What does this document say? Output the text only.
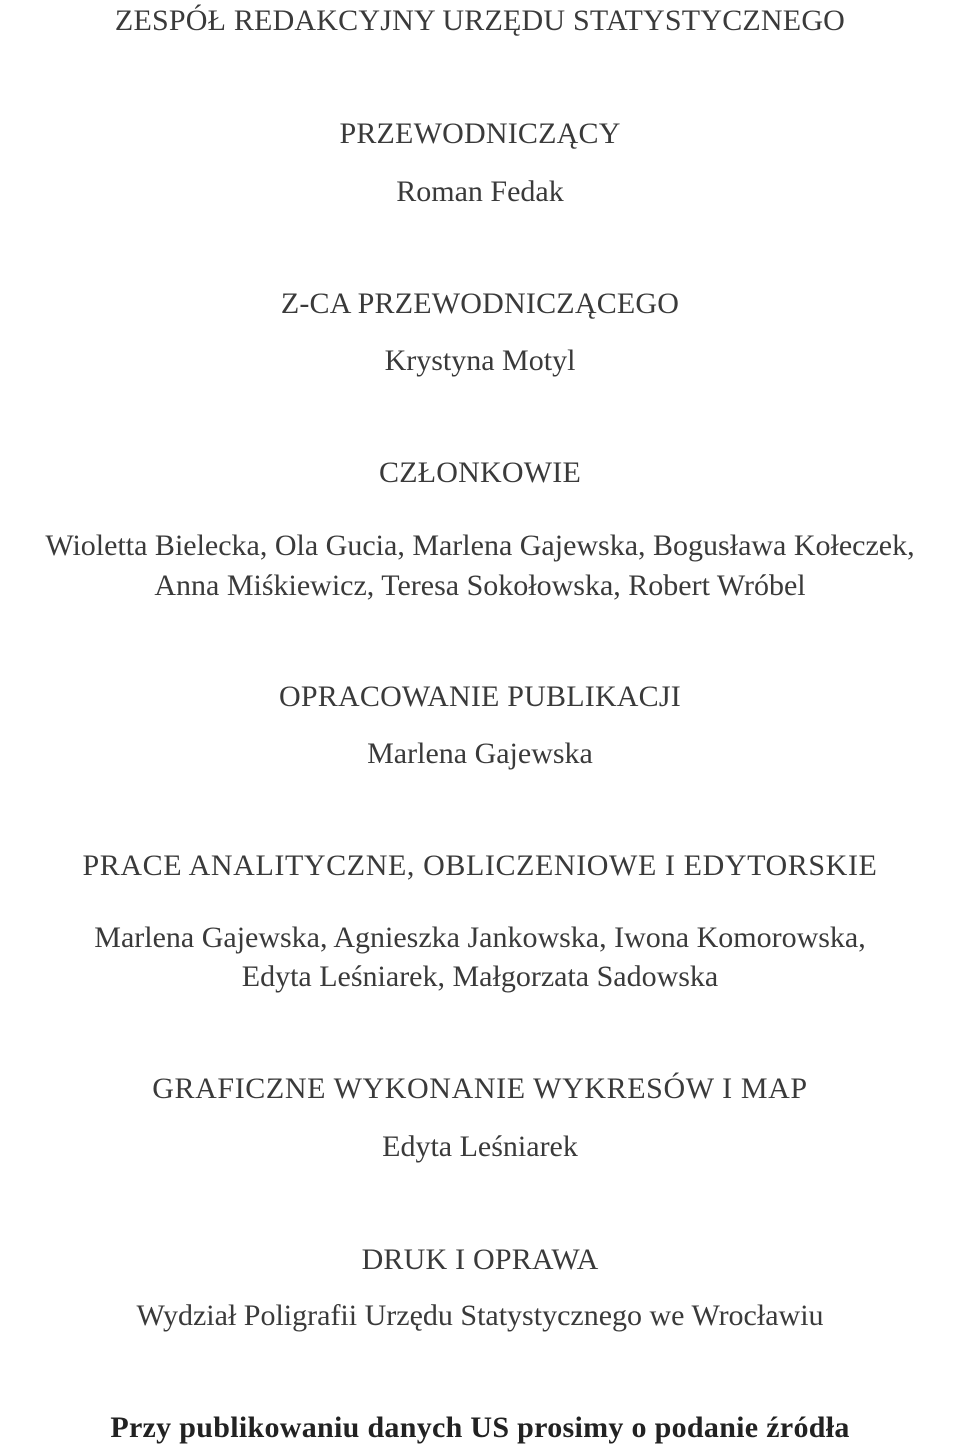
ZESPÓŁ REDAKCYJNY URZĘDU STATYSTYCZNEGO
PRZEWODNICZĄCY
Roman Fedak
Z-CA PRZEWODNICZĄCEGO
Krystyna Motyl
CZŁONKOWIE
Wioletta Bielecka, Ola Gucia, Marlena Gajewska, Bogusława Kołeczek,
Anna Miśkiewicz, Teresa Sokołowska, Robert Wróbel
OPRACOWANIE PUBLIKACJI
Marlena Gajewska
PRACE ANALITYCZNE, OBLICZENIOWE I EDYTORSKIE
Marlena Gajewska, Agnieszka Jankowska, Iwona Komorowska,
Edyta Leśniarek, Małgorzata Sadowska
GRAFICZNE WYKONANIE WYKRESÓW I MAP
Edyta Leśniarek
DRUK I OPRAWA
Wydział Poligrafii Urzędu Statystycznego we Wrocławiu
Przy publikowaniu danych US prosimy o podanie źródła
